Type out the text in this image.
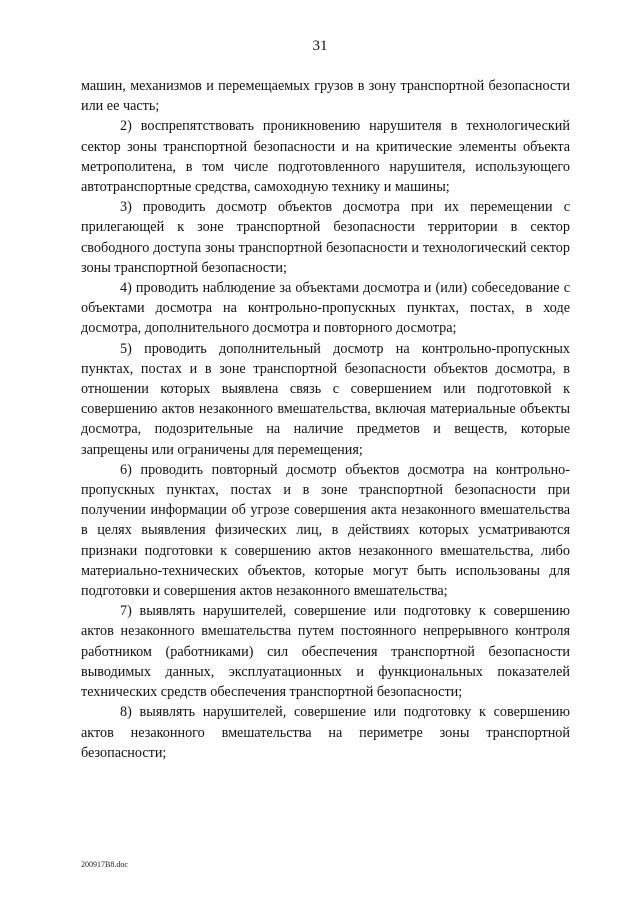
31

машин, механизмов и перемещаемых грузов в зону транспортной безопасности или ее часть;

2) воспрепятствовать проникновению нарушителя в технологический сектор зоны транспортной безопасности и на критические элементы объекта метрополитена, в том числе подготовленного нарушителя, использующего автотранспортные средства, самоходную технику и машины;

3) проводить досмотр объектов досмотра при их перемещении с прилегающей к зоне транспортной безопасности территории в сектор свободного доступа зоны транспортной безопасности и технологический сектор зоны транспортной безопасности;

4) проводить наблюдение за объектами досмотра и (или) собеседование с объектами досмотра на контрольно-пропускных пунктах, постах, в ходе досмотра, дополнительного досмотра и повторного досмотра;

5) проводить дополнительный досмотр на контрольно-пропускных пунктах, постах и в зоне транспортной безопасности объектов досмотра, в отношении которых выявлена связь с совершением или подготовкой к совершению актов незаконного вмешательства, включая материальные объекты досмотра, подозрительные на наличие предметов и веществ, которые запрещены или ограничены для перемещения;

6) проводить повторный досмотр объектов досмотра на контрольно-пропускных пунктах, постах и в зоне транспортной безопасности при получении информации об угрозе совершения акта незаконного вмешательства в целях выявления физических лиц, в действиях которых усматриваются признаки подготовки к совершению актов незаконного вмешательства, либо материально-технических объектов, которые могут быть использованы для подготовки и совершения актов незаконного вмешательства;

7) выявлять нарушителей, совершение или подготовку к совершению актов незаконного вмешательства путем постоянного непрерывного контроля работником (работниками) сил обеспечения транспортной безопасности выводимых данных, эксплуатационных и функциональных показателей технических средств обеспечения транспортной безопасности;

8) выявлять нарушителей, совершение или подготовку к совершению актов незаконного вмешательства на периметре зоны транспортной безопасности;

200917B8.doc
